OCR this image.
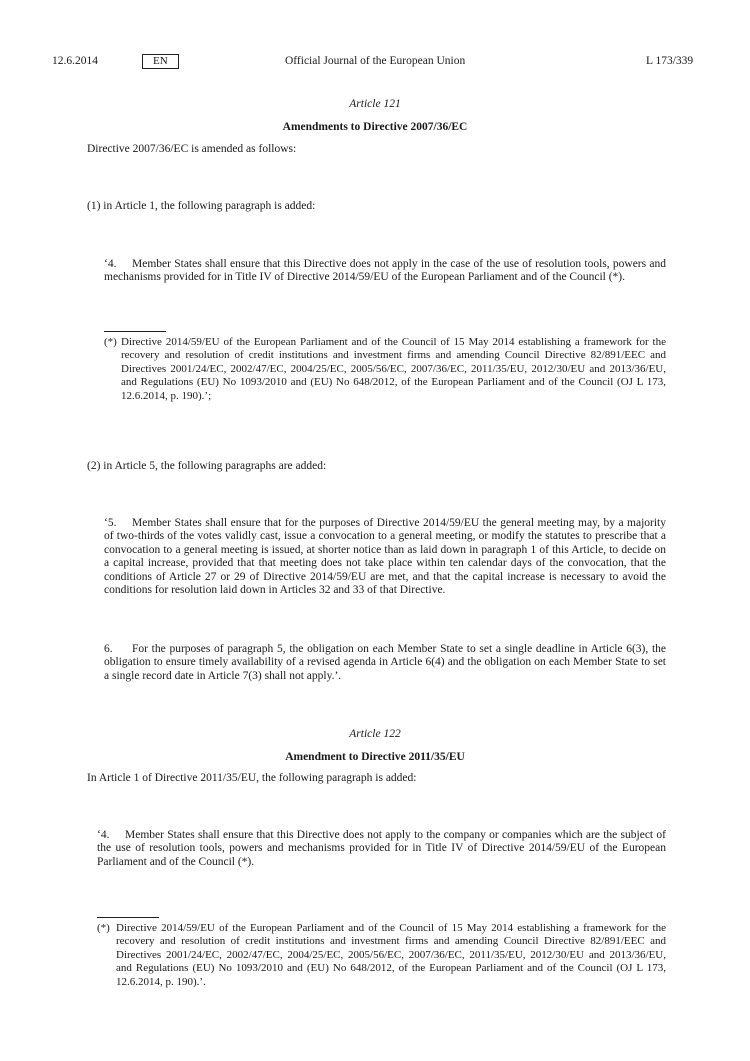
12.6.2014	EN	Official Journal of the European Union	L 173/339
Article 121
Amendments to Directive 2007/36/EC
Directive 2007/36/EC is amended as follows:
(1) in Article 1, the following paragraph is added:
‘4. Member States shall ensure that this Directive does not apply in the case of the use of resolution tools, powers and mechanisms provided for in Title IV of Directive 2014/59/EU of the European Parliament and of the Council (*).
(*) Directive 2014/59/EU of the European Parliament and of the Council of 15 May 2014 establishing a framework for the recovery and resolution of credit institutions and investment firms and amending Council Directive 82/891/EEC and Directives 2001/24/EC, 2002/47/EC, 2004/25/EC, 2005/56/EC, 2007/36/EC, 2011/35/EU, 2012/30/EU and 2013/36/EU, and Regulations (EU) No 1093/2010 and (EU) No 648/2012, of the European Parliament and of the Council (OJ L 173, 12.6.2014, p. 190).’;
(2) in Article 5, the following paragraphs are added:
‘5. Member States shall ensure that for the purposes of Directive 2014/59/EU the general meeting may, by a majority of two-thirds of the votes validly cast, issue a convocation to a general meeting, or modify the statutes to prescribe that a convocation to a general meeting is issued, at shorter notice than as laid down in paragraph 1 of this Article, to decide on a capital increase, provided that that meeting does not take place within ten calendar days of the convocation, that the conditions of Article 27 or 29 of Directive 2014/59/EU are met, and that the capital increase is necessary to avoid the conditions for resolution laid down in Articles 32 and 33 of that Directive.
6. For the purposes of paragraph 5, the obligation on each Member State to set a single deadline in Article 6(3), the obligation to ensure timely availability of a revised agenda in Article 6(4) and the obligation on each Member State to set a single record date in Article 7(3) shall not apply.’.
Article 122
Amendment to Directive 2011/35/EU
In Article 1 of Directive 2011/35/EU, the following paragraph is added:
‘4. Member States shall ensure that this Directive does not apply to the company or companies which are the subject of the use of resolution tools, powers and mechanisms provided for in Title IV of Directive 2014/59/EU of the European Parliament and of the Council (*).
(*) Directive 2014/59/EU of the European Parliament and of the Council of 15 May 2014 establishing a framework for the recovery and resolution of credit institutions and investment firms and amending Council Directive 82/891/EEC and Directives 2001/24/EC, 2002/47/EC, 2004/25/EC, 2005/56/EC, 2007/36/EC, 2011/35/EU, 2012/30/EU and 2013/36/EU, and Regulations (EU) No 1093/2010 and (EU) No 648/2012, of the European Parliament and of the Council (OJ L 173, 12.6.2014, p. 190).’.
